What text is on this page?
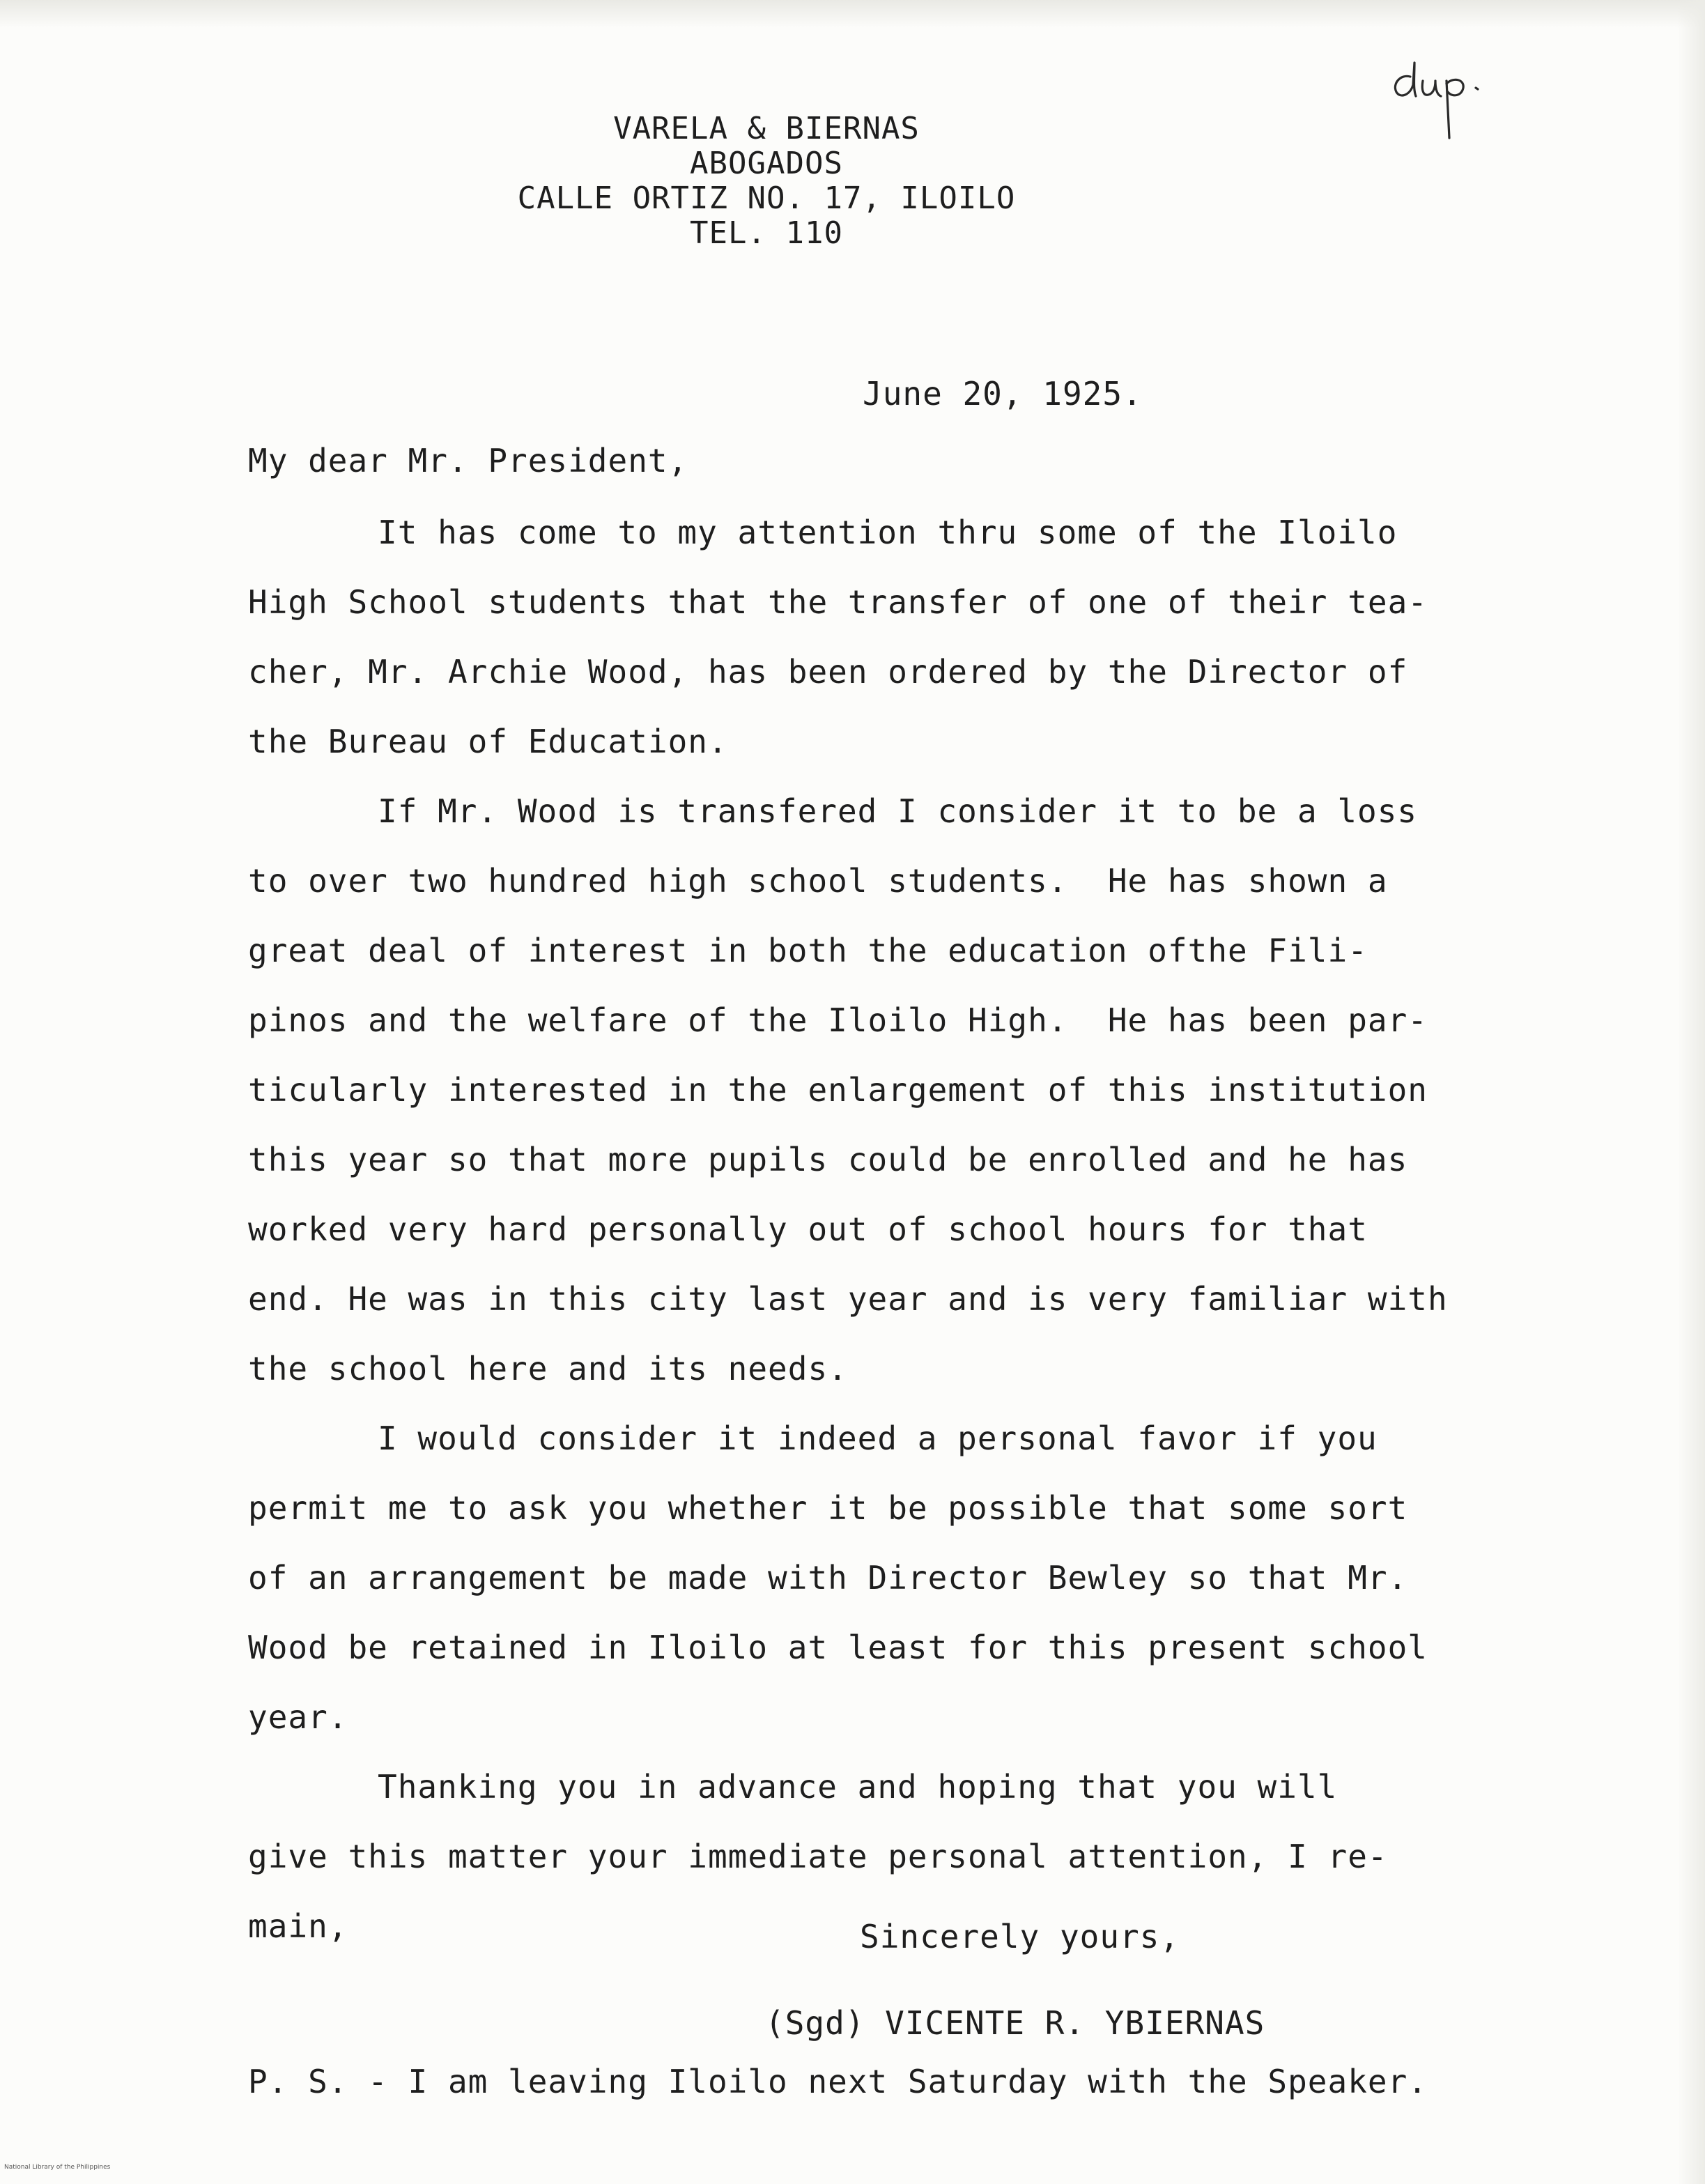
VARELA & BIERNAS
ABOGADOS
CALLE ORTIZ NO. 17, ILOILO
TEL. 110
June 20, 1925.
My dear Mr. President,
It has come to my attention thru some of the Iloilo
High School students that the transfer of one of their tea-
cher, Mr. Archie Wood, has been ordered by the Director of
the Bureau of Education.
If Mr. Wood is transfered I consider it to be a loss
to over two hundred high school students.  He has shown a
great deal of interest in both the education ofthe Fili-
pinos and the welfare of the Iloilo High.  He has been par-
ticularly interested in the enlargement of this institution
this year so that more pupils could be enrolled and he has
worked very hard personally out of school hours for that
end. He was in this city last year and is very familiar with
the school here and its needs.
I would consider it indeed a personal favor if you
permit me to ask you whether it be possible that some sort
of an arrangement be made with Director Bewley so that Mr.
Wood be retained in Iloilo at least for this present school
year.
Thanking you in advance and hoping that you will
give this matter your immediate personal attention, I re-
main,	Sincerely yours,
(Sgd) VICENTE R. YBIERNAS
P. S. - I am leaving Iloilo next Saturday with the Speaker.
National Library of the Philippines
